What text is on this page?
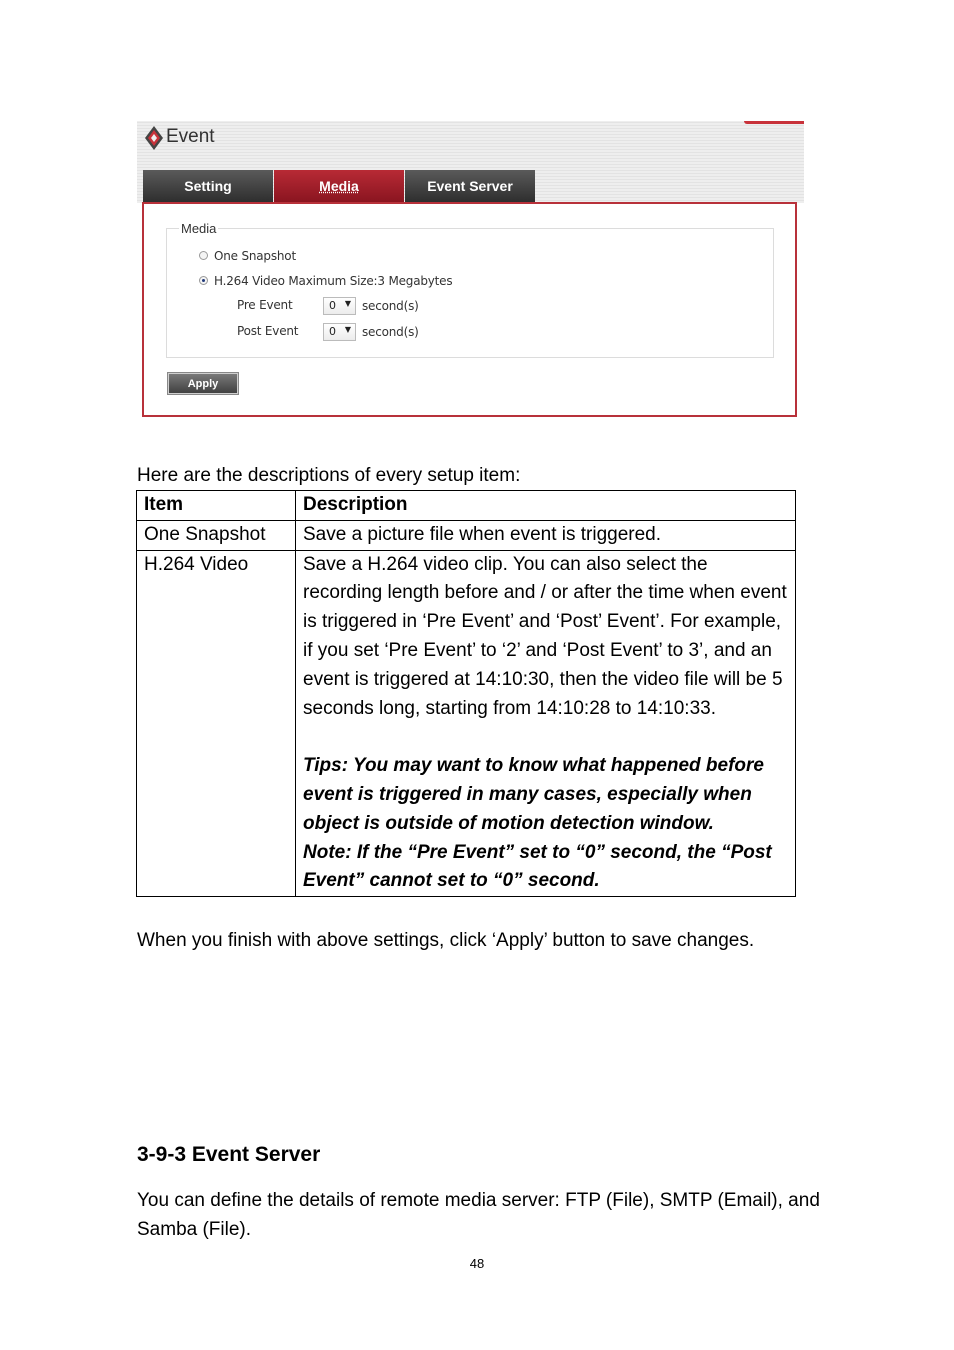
Event
Setting	Media	Event Server
Media
One Snapshot
H.264 Video Maximum Size:3 Megabytes
Pre Event	0 ▼ second(s)
Post Event	0 ▼ second(s)
Apply
Here are the descriptions of every setup item:
Item	Description
One Snapshot	Save a picture file when event is triggered.
H.264 Video	Save a H.264 video clip. You can also select the recording length before and / or after the time when event is triggered in ‘Pre Event’ and ‘Post’ Event’. For example, if you set ‘Pre Event’ to ‘2’ and ‘Post Event’ to 3’, and an event is triggered at 14:10:30, then the video file will be 5 seconds long, starting from 14:10:28 to 14:10:33.
Tips: You may want to know what happened before event is triggered in many cases, especially when object is outside of motion detection window.
Note: If the “Pre Event” set to “0” second, the “Post Event” cannot set to “0” second.
When you finish with above settings, click ‘Apply’ button to save changes.
3-9-3 Event Server
You can define the details of remote media server: FTP (File), SMTP (Email), and Samba (File).
48
